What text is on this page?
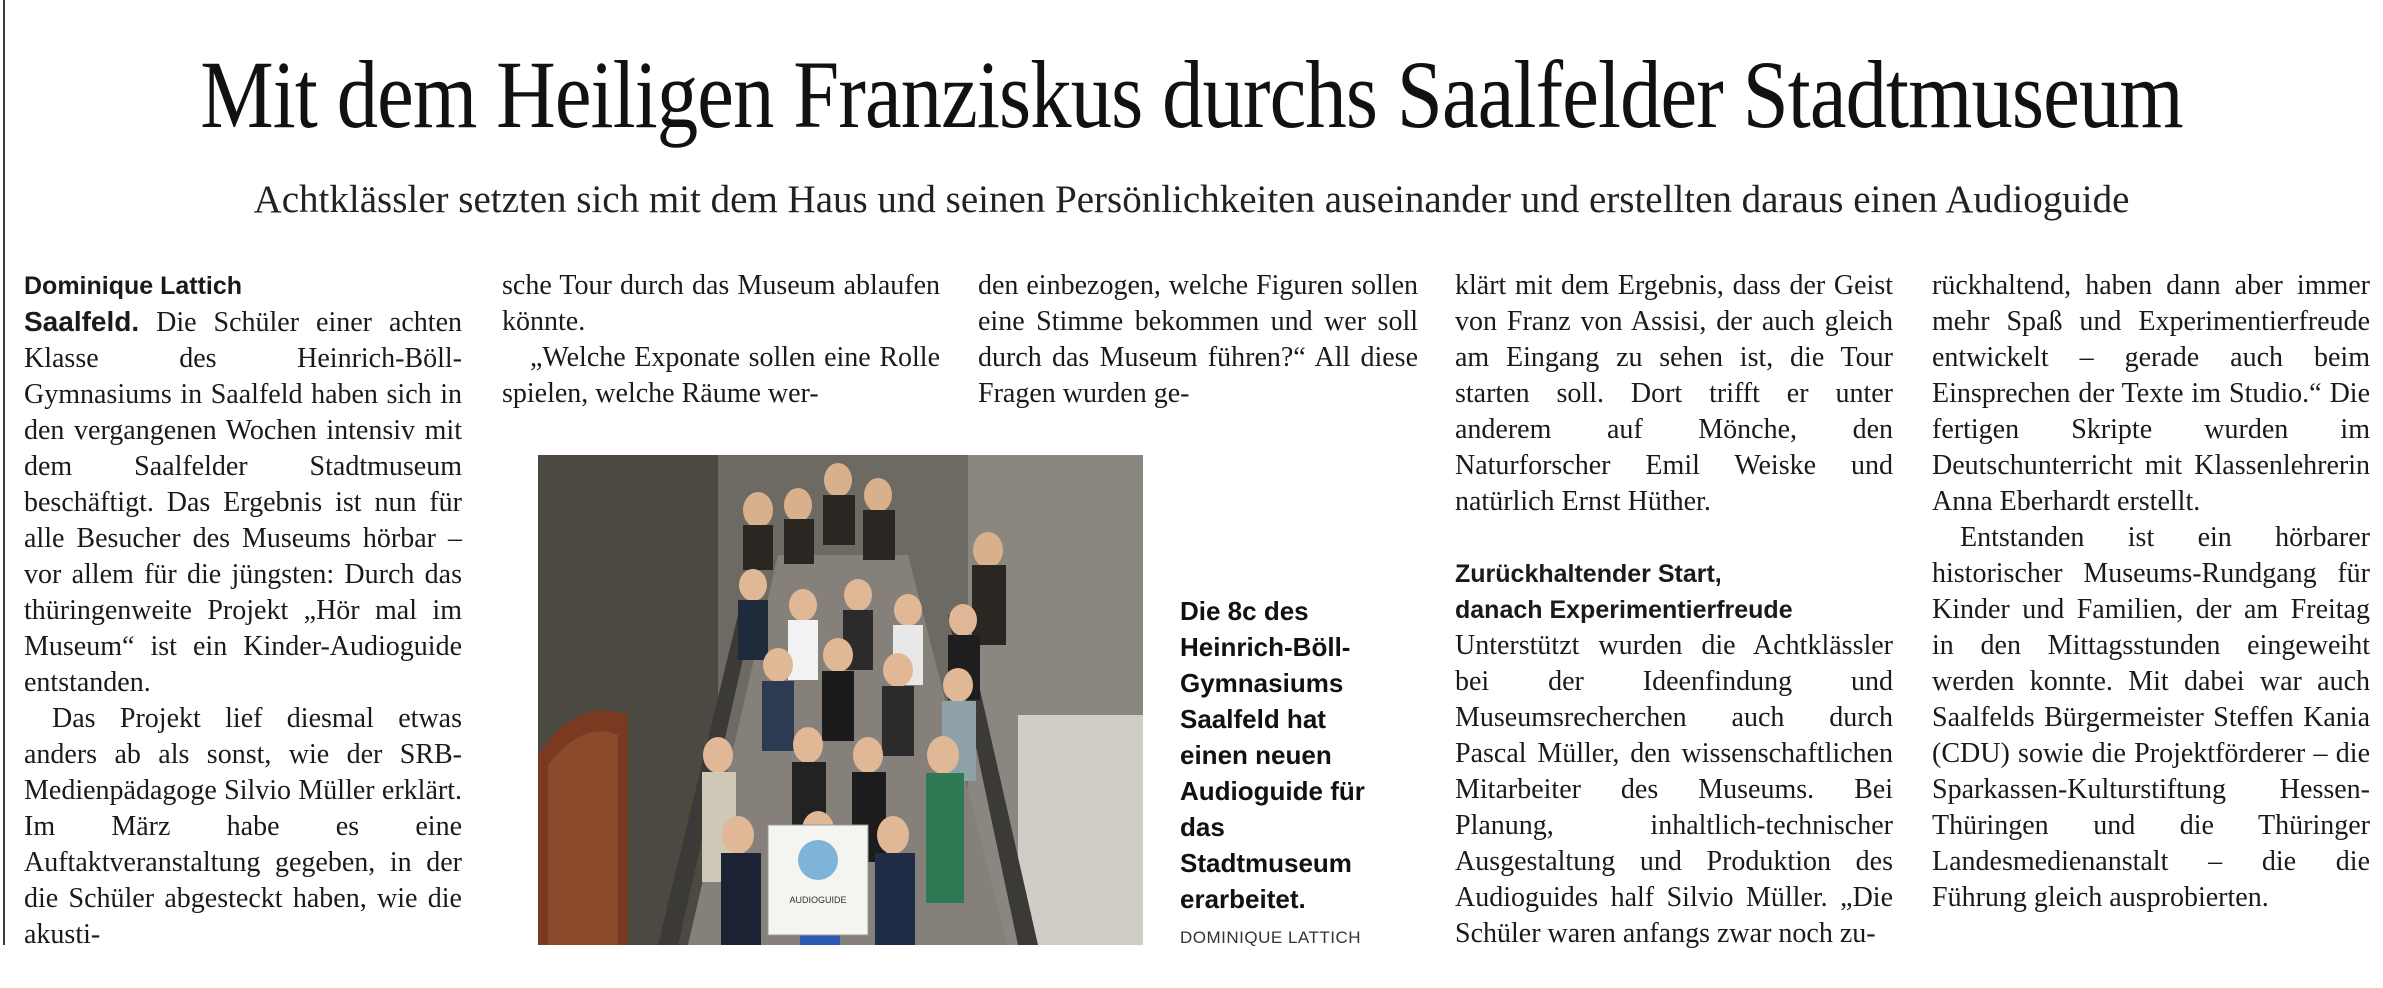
Mit dem Heiligen Franziskus durchs Saalfelder Stadtmuseum
Achtklässler setzten sich mit dem Haus und seinen Persönlichkeiten auseinander und erstellten daraus einen Audioguide

Dominique Lattich

Saalfeld. Die Schüler einer achten Klasse des Heinrich-Böll-Gymnasiums in Saalfeld haben sich in den vergangenen Wochen intensiv mit dem Saalfelder Stadtmuseum beschäftigt. Das Ergebnis ist nun für alle Besucher des Museums hörbar – vor allem für die jüngsten: Durch das thüringenweite Projekt „Hör mal im Museum“ ist ein Kinder-Audioguide entstanden.

Das Projekt lief diesmal etwas anders ab als sonst, wie der SRB-Medienpädagoge Silvio Müller erklärt. Im März habe es eine Auftaktveranstaltung gegeben, in der die Schüler abgesteckt haben, wie die akusti-

sche Tour durch das Museum ablaufen könnte.

„Welche Exponate sollen eine Rolle spielen, welche Räume wer-

den einbezogen, welche Figuren sollen eine Stimme bekommen und wer soll durch das Museum führen?“ All diese Fragen wurden ge-

AUDIOGUIDE
Die 8c des Heinrich-Böll-Gymnasiums Saalfeld hat einen neuen Audioguide für das Stadtmuseum erarbeitet.
DOMINIQUE LATTICH

klärt mit dem Ergebnis, dass der Geist von Franz von Assisi, der auch gleich am Eingang zu sehen ist, die Tour starten soll. Dort trifft er unter anderem auf Mönche, den Naturforscher Emil Weiske und natürlich Ernst Hüther.

Zurückhaltender Start,
danach Experimentierfreude

Unterstützt wurden die Achtklässler bei der Ideenfindung und Museumsrecherchen auch durch Pascal Müller, den wissenschaftlichen Mitarbeiter des Museums. Bei Planung, inhaltlich-technischer Ausgestaltung und Produktion des Audioguides half Silvio Müller. „Die Schüler waren anfangs zwar noch zu-

rückhaltend, haben dann aber immer mehr Spaß und Experimentierfreude entwickelt – gerade auch beim Einsprechen der Texte im Studio.“ Die fertigen Skripte wurden im Deutschunterricht mit Klassenlehrerin Anna Eberhardt erstellt.

Entstanden ist ein hörbarer historischer Museums-Rundgang für Kinder und Familien, der am Freitag in den Mittagsstunden eingeweiht werden konnte. Mit dabei war auch Saalfelds Bürgermeister Steffen Kania (CDU) sowie die Projektförderer – die Sparkassen-Kulturstiftung Hessen-Thüringen und die Thüringer Landesmedienanstalt – die die Führung gleich ausprobierten.
